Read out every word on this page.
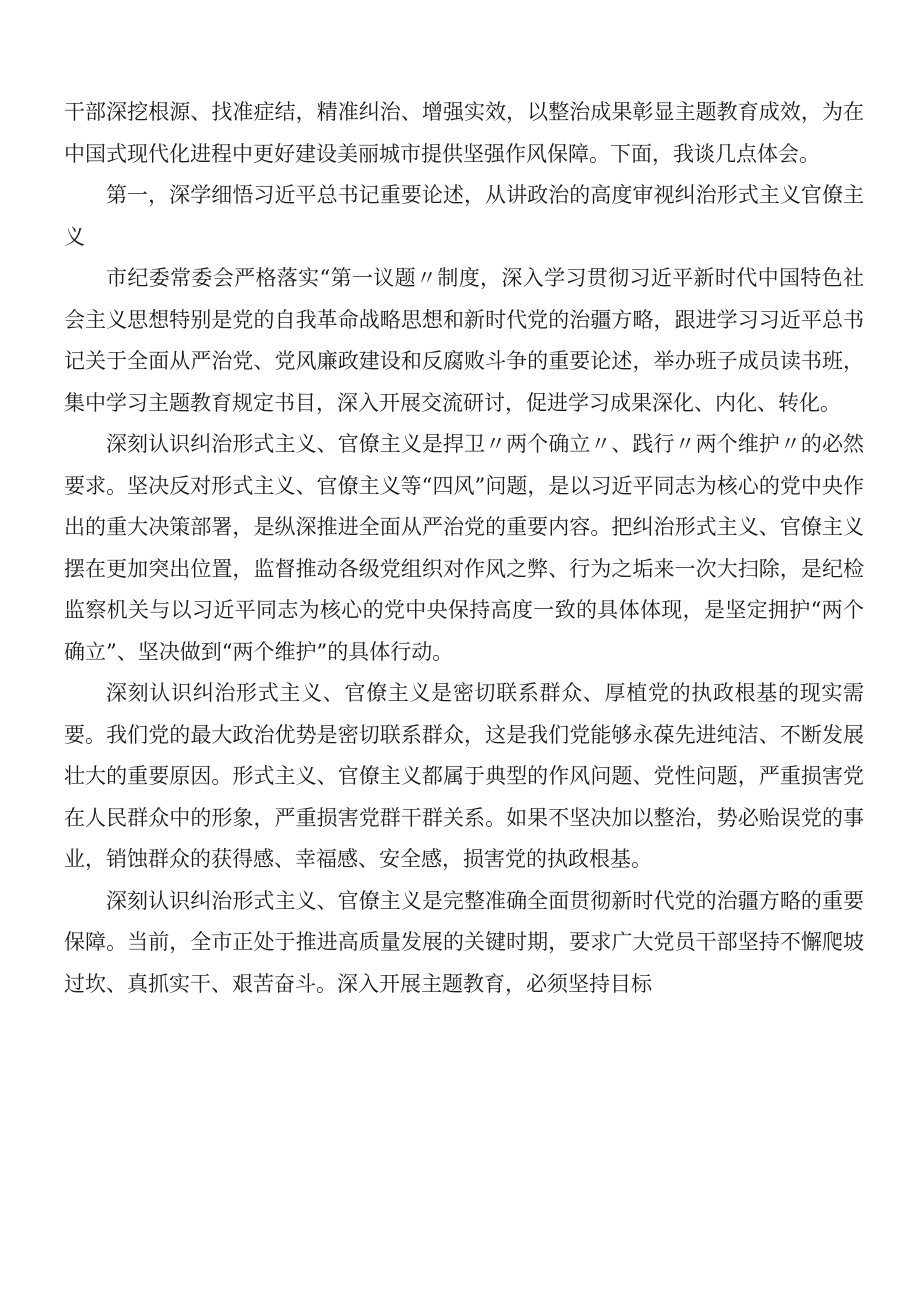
干部深挖根源、找准症结，精准纠治、增强实效，以整治成果彰显主题教育成效，为在中国式现代化进程中更好建设美丽城市提供坚强作风保障。下面，我谈几点体会。

第一，深学细悟习近平总书记重要论述，从讲政治的高度审视纠治形式主义官僚主义

市纪委常委会严格落实“第一议题〃制度，深入学习贯彻习近平新时代中国特色社会主义思想特别是党的自我革命战略思想和新时代党的治疆方略，跟进学习习近平总书记关于全面从严治党、党风廉政建设和反腐败斗争的重要论述，举办班子成员读书班，集中学习主题教育规定书目，深入开展交流研讨，促进学习成果深化、内化、转化。

深刻认识纠治形式主义、官僚主义是捍卫〃两个确立〃、践行〃两个维护〃的必然要求。坚决反对形式主义、官僚主义等“四风”问题，是以习近平同志为核心的党中央作出的重大决策部署，是纵深推进全面从严治党的重要内容。把纠治形式主义、官僚主义摆在更加突出位置，监督推动各级党组织对作风之弊、行为之垢来一次大扫除，是纪检监察机关与以习近平同志为核心的党中央保持高度一致的具体体现，是坚定拥护“两个确立”、坚决做到“两个维护”的具体行动。

深刻认识纠治形式主义、官僚主义是密切联系群众、厚植党的执政根基的现实需要。我们党的最大政治优势是密切联系群众，这是我们党能够永葆先进纯洁、不断发展壮大的重要原因。形式主义、官僚主义都属于典型的作风问题、党性问题，严重损害党在人民群众中的形象，严重损害党群干群关系。如果不坚决加以整治，势必贻误党的事业，销蚀群众的获得感、幸福感、安全感，损害党的执政根基。

深刻认识纠治形式主义、官僚主义是完整准确全面贯彻新时代党的治疆方略的重要保障。当前，全市正处于推进高质量发展的关键时期，要求广大党员干部坚持不懈爬坡过坎、真抓实干、艰苦奋斗。深入开展主题教育，必须坚持目标
